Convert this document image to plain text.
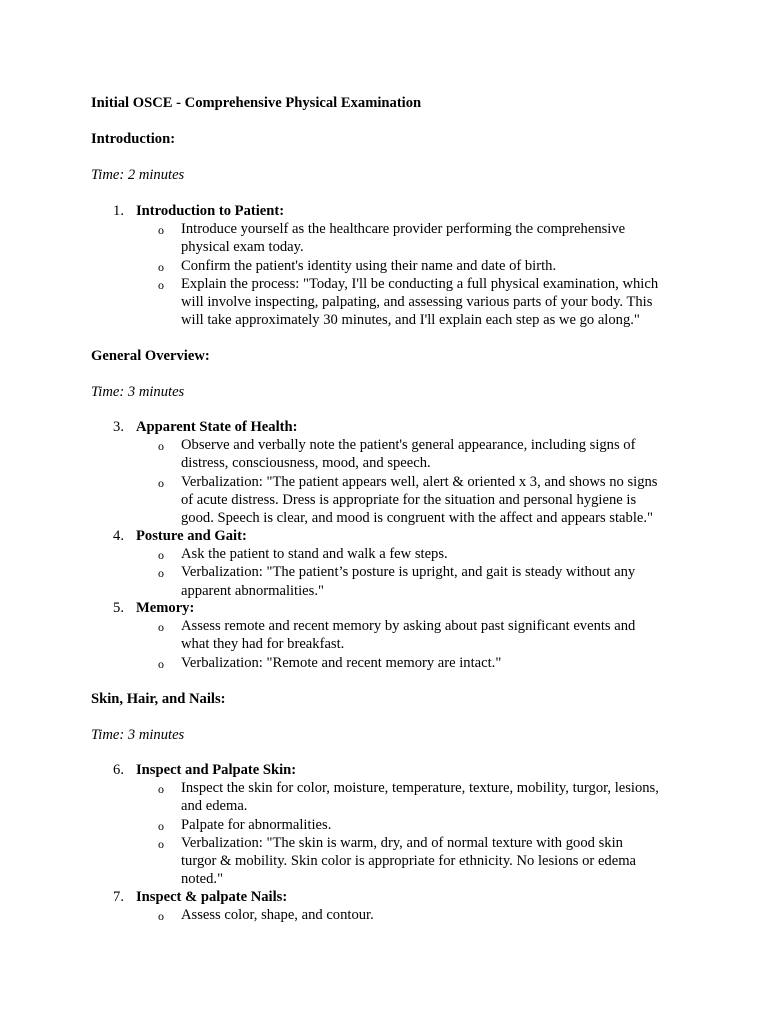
Initial OSCE - Comprehensive Physical Examination
Introduction:
Time: 2 minutes
1. Introduction to Patient:
o Introduce yourself as the healthcare provider performing the comprehensive
physical exam today.
o Confirm the patient's identity using their name and date of birth.
o Explain the process: "Today, I'll be conducting a full physical examination, which
will involve inspecting, palpating, and assessing various parts of your body. This
will take approximately 30 minutes, and I'll explain each step as we go along."
General Overview:
Time: 3 minutes
3. Apparent State of Health:
o Observe and verbally note the patient's general appearance, including signs of
distress, consciousness, mood, and speech.
o Verbalization: "The patient appears well, alert & oriented x 3, and shows no signs
of acute distress. Dress is appropriate for the situation and personal hygiene is
good. Speech is clear, and mood is congruent with the affect and appears stable."
4. Posture and Gait:
o Ask the patient to stand and walk a few steps.
o Verbalization: "The patient’s posture is upright, and gait is steady without any
apparent abnormalities."
5. Memory:
o Assess remote and recent memory by asking about past significant events and
what they had for breakfast.
o Verbalization: "Remote and recent memory are intact."
Skin, Hair, and Nails:
Time: 3 minutes
6. Inspect and Palpate Skin:
o Inspect the skin for color, moisture, temperature, texture, mobility, turgor, lesions,
and edema.
o Palpate for abnormalities.
o Verbalization: "The skin is warm, dry, and of normal texture with good skin
turgor & mobility. Skin color is appropriate for ethnicity. No lesions or edema
noted."
7. Inspect & palpate Nails:
o Assess color, shape, and contour.
